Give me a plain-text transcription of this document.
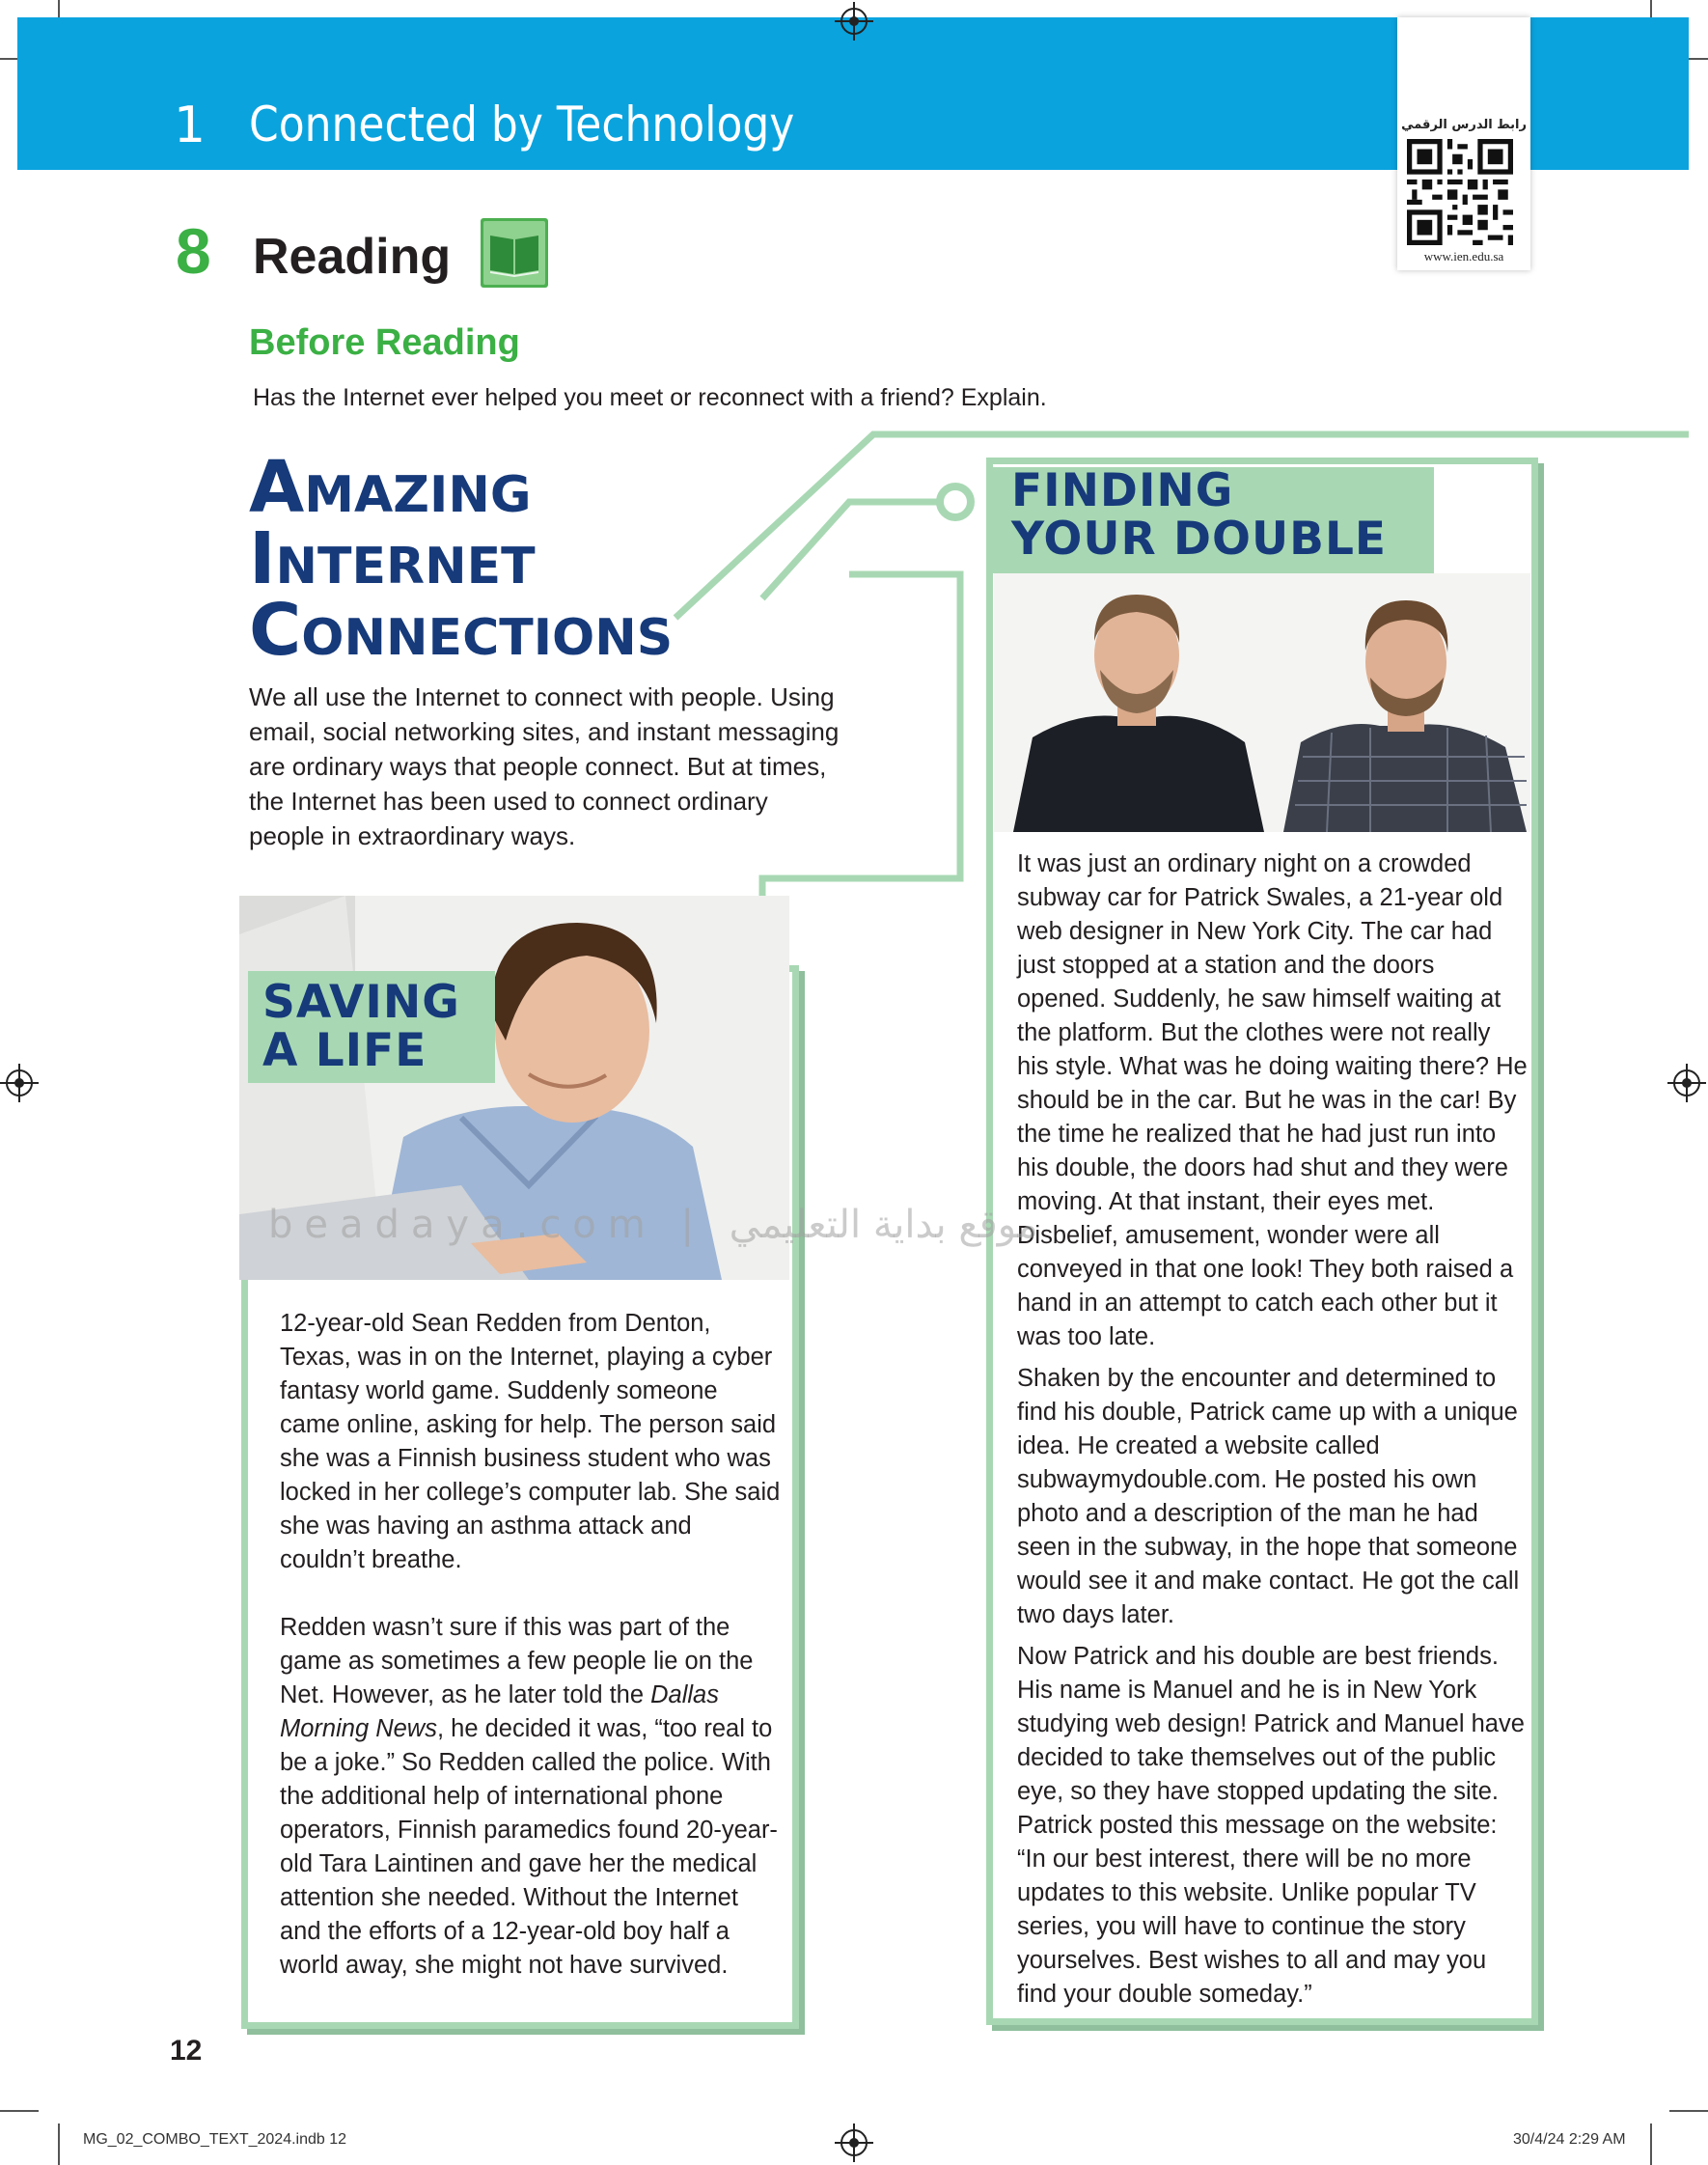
1 Connected by Technology	رابط الدرس الرقمي
www.ien.edu.sa
8 Reading
Before Reading
Has the Internet ever helped you meet or reconnect with a friend? Explain.
Amazing
Internet
Connections
We all use the Internet to connect with people. Using email, social networking sites, and instant messaging are ordinary ways that people connect. But at times, the Internet has been used to connect ordinary people in extraordinary ways.
FINDING
YOUR DOUBLE

It was just an ordinary night on a crowded subway car for Patrick Swales, a 21-year old web designer in New York City. The car had just stopped at a station and the doors opened. Suddenly, he saw himself waiting at the platform. But the clothes were not really his style. What was he doing waiting there? He should be in the car. But he was in the car! By the time he realized that he had just run into his double, the doors had shut and they were moving. At that instant, their eyes met. Disbelief, amusement, wonder were all conveyed in that one look! They both raised a hand in an attempt to catch each other but it was too late.

Shaken by the encounter and determined to find his double, Patrick came up with a unique idea. He created a website called subwaymydouble.com. He posted his own photo and a description of the man he had seen in the subway, in the hope that someone would see it and make contact. He got the call two days later.

Now Patrick and his double are best friends. His name is Manuel and he is in New York studying web design! Patrick and Manuel have decided to take themselves out of the public eye, so they have stopped updating the site. Patrick posted this message on the website: “In our best interest, there will be no more updates to this website. Unlike popular TV series, you will have to continue the story yourselves. Best wishes to all and may you find your double someday.”

SAVING
A LIFE
beadaya.com | موقع بداية التعليمي

12-year-old Sean Redden from Denton, Texas, was in on the Internet, playing a cyber fantasy world game. Suddenly someone came online, asking for help. The person said she was a Finnish business student who was locked in her college’s computer lab. She said she was having an asthma attack and couldn’t breathe.

Redden wasn’t sure if this was part of the game as sometimes a few people lie on the Net. However, as he later told the Dallas Morning News, he decided it was, “too real to be a joke.” So Redden called the police. With the additional help of international phone operators, Finnish paramedics found 20-year-old Tara Laintinen and gave her the medical attention she needed. Without the Internet and the efforts of a 12-year-old boy half a world away, she might not have survived.

12
MG_02_COMBO_TEXT_2024.indb 12	30/4/24 2:29 AM
